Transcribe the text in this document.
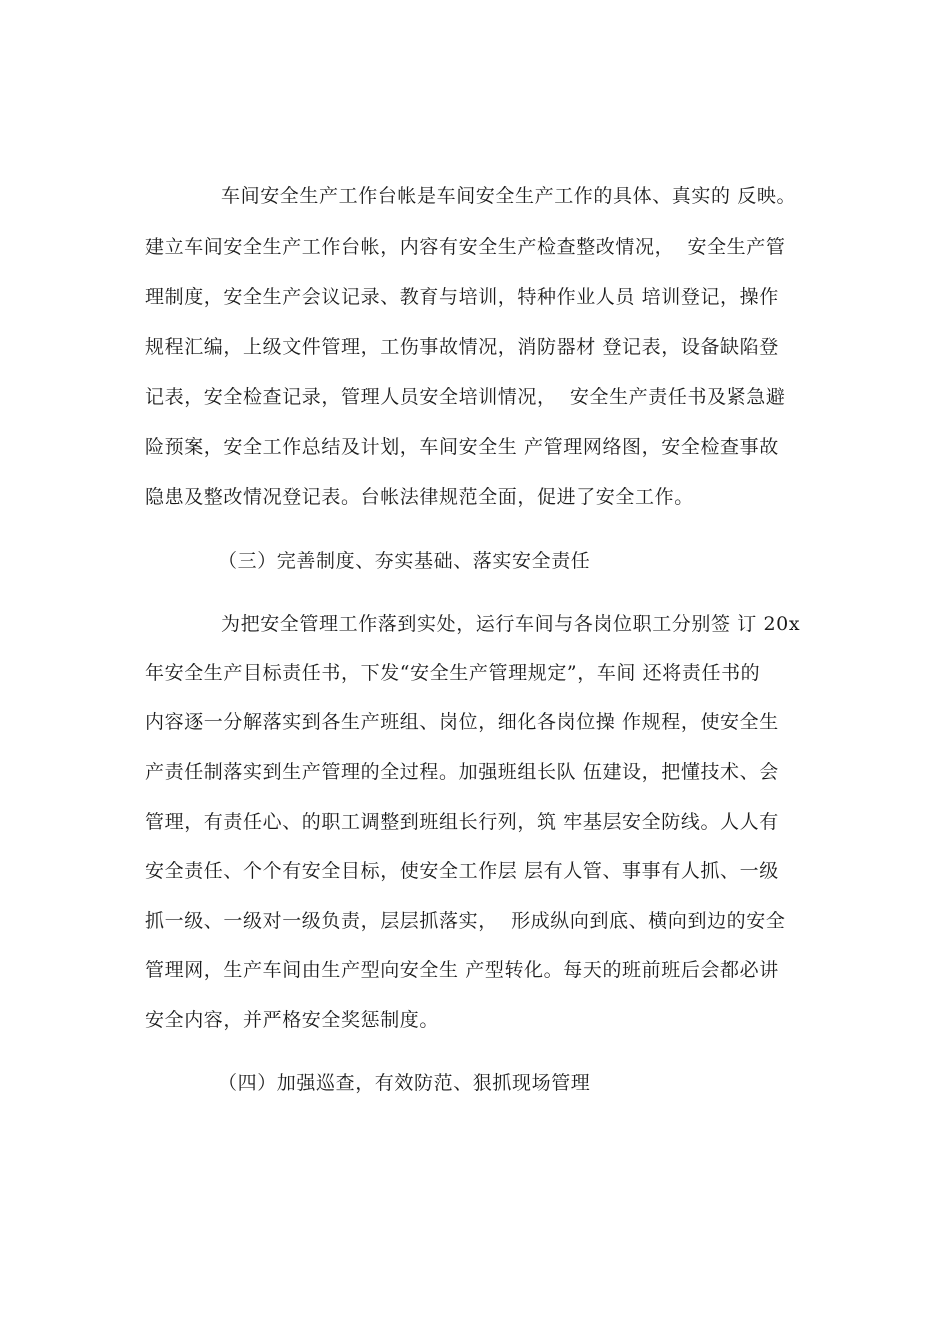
车间安全生产工作台帐是车间安全生产工作的具体、真实的 反映。
建立车间安全生产工作台帐，内容有安全生产检查整改情况，  安全生产管
理制度，安全生产会议记录、教育与培训，特种作业人员 培训登记，操作
规程汇编，上级文件管理，工伤事故情况，消防器材 登记表，设备缺陷登
记表，安全检查记录，管理人员安全培训情况，  安全生产责任书及紧急避
险预案，安全工作总结及计划，车间安全生 产管理网络图，安全检查事故
隐患及整改情况登记表。台帐法律规范全面，促进了安全工作。
（三）完善制度、夯实基础、落实安全责任
为把安全管理工作落到实处，运行车间与各岗位职工分别签 订 20x
年安全生产目标责任书，下发“安全生产管理规定”，车间 还将责任书的
内容逐一分解落实到各生产班组、岗位，细化各岗位操 作规程，使安全生
产责任制落实到生产管理的全过程。加强班组长队 伍建设，把懂技术、会
管理，有责任心、的职工调整到班组长行列，筑 牢基层安全防线。人人有
安全责任、个个有安全目标，使安全工作层 层有人管、事事有人抓、一级
抓一级、一级对一级负责，层层抓落实，  形成纵向到底、横向到边的安全
管理网，生产车间由生产型向安全生 产型转化。每天的班前班后会都必讲
安全内容，并严格安全奖惩制度。
（四）加强巡查，有效防范、狠抓现场管理
